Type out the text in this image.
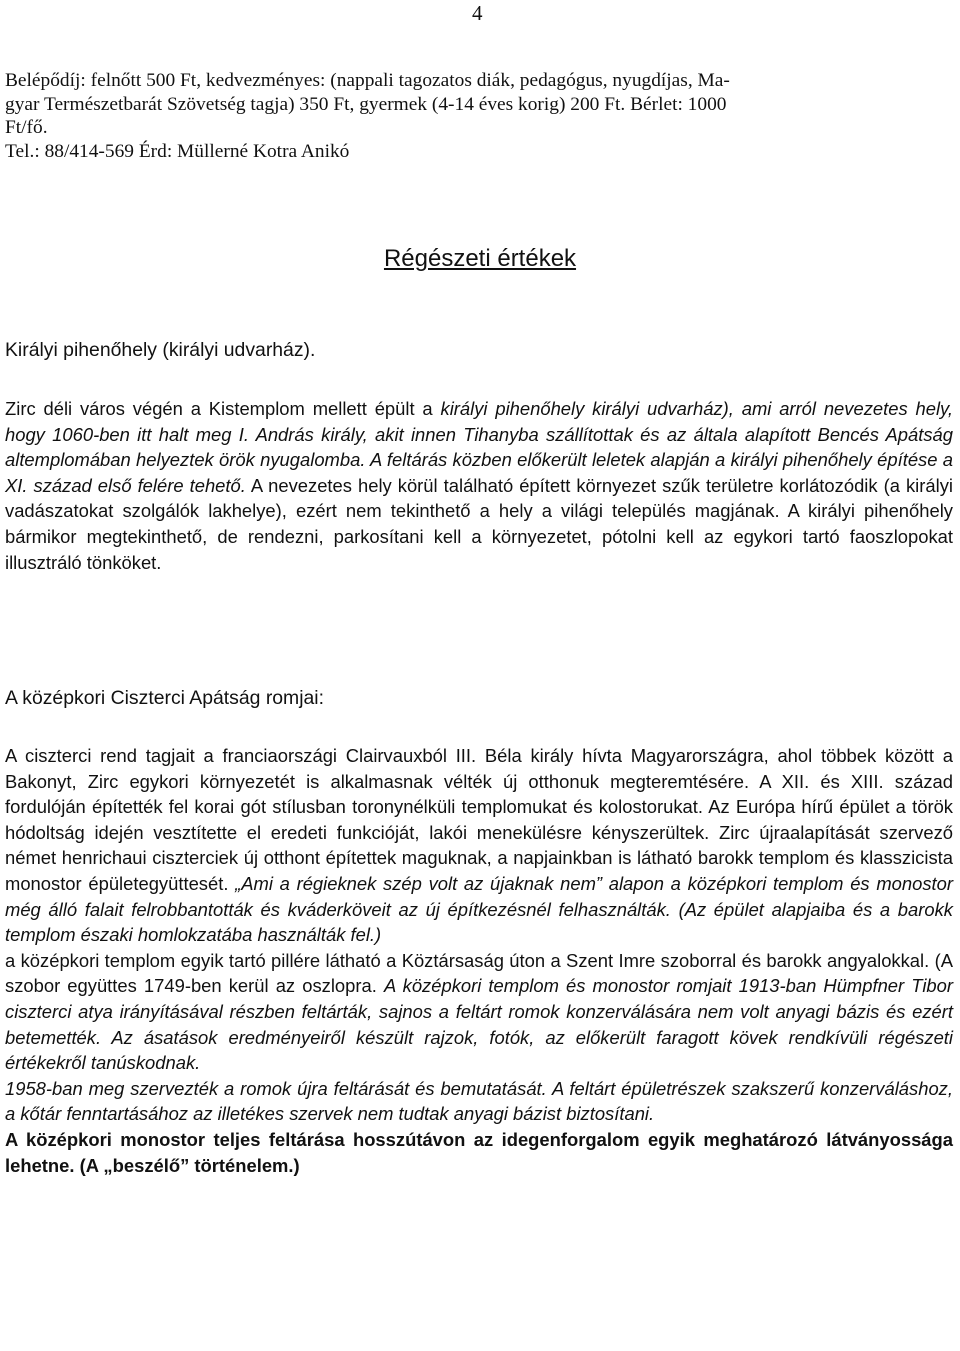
4

Belépődíj: felnőtt 500 Ft, kedvezményes: (nappali tagozatos diák, pedagógus, nyugdíjas, Ma-

gyar Természetbarát Szövetség tagja) 350 Ft, gyermek (4-14 éves korig) 200 Ft. Bérlet: 1000

Ft/fő.

Tel.: 88/414-569 Érd: Müllerné Kotra Anikó

Régészeti értékek
Királyi pihenőhely (királyi udvarház).
Zirc déli város végén a Kistemplom mellett épült a királyi pihenőhely királyi udvarház), ami arról nevezetes hely, hogy 1060-ben itt halt meg I. András király, akit innen Tihanyba szállítottak és az általa alapított Bencés Apátság altemplomában helyeztek örök nyugalomba. A feltárás közben előkerült leletek alapján a királyi pihenőhely építése a XI. század első felére tehető. A nevezetes hely körül található épített környezet szűk területre korlátozódik (a királyi vadászatokat szolgálók lakhelye), ezért nem tekinthető a hely a világi település magjának. A királyi pihenőhely bármikor megtekinthető, de rendezni, parkosítani kell a környezetet, pótolni kell az egykori tartó faoszlopokat illusztráló tönköket.
A középkori Ciszterci Apátság romjai:

A ciszterci rend tagjait a franciaországi Clairvauxból III. Béla király hívta Magyarországra, ahol többek között a Bakonyt, Zirc egykori környezetét is alkalmasnak vélték új otthonuk megteremtésére. A XII. és XIII. század fordulóján építették fel korai gót stílusban toronynélküli templomukat és kolostorukat. Az Európa hírű épület a török hódoltság idején vesztítette el eredeti funkcióját, lakói menekülésre kényszerültek. Zirc újraalapítását szervező német henrichaui ciszterciek új otthont építettek maguknak, a napjainkban is látható barokk templom és klasszicista monostor épületegyüttesét. „Ami a régieknek szép volt az újaknak nem” alapon a középkori templom és monostor még álló falait felrobbantották és kváderköveit az új építkezésnél felhasználták. (Az épület alapjaiba és a barokk templom északi homlokzatába használták fel.)

a középkori templom egyik tartó pillére látható a Köztársaság úton a Szent Imre szoborral és barokk angyalokkal. (A szobor együttes 1749-ben kerül az oszlopra. A középkori templom és monostor romjait 1913-ban Hümpfner Tibor ciszterci atya irányításával részben feltárták, sajnos a feltárt romok konzerválására nem volt anyagi bázis és ezért betemették. Az ásatások eredményeiről készült rajzok, fotók, az előkerült faragott kövek rendkívüli régészeti értékekről tanúskodnak.

1958-ban meg szervezték a romok újra feltárását és bemutatását. A feltárt épületrészek szakszerű konzerváláshoz, a kőtár fenntartásához az illetékes szervek nem tudtak anyagi bázist biztosítani.

A középkori monostor teljes feltárása hosszútávon az idegenforgalom egyik meghatározó látványossága lehetne. (A „beszélő” történelem.)
